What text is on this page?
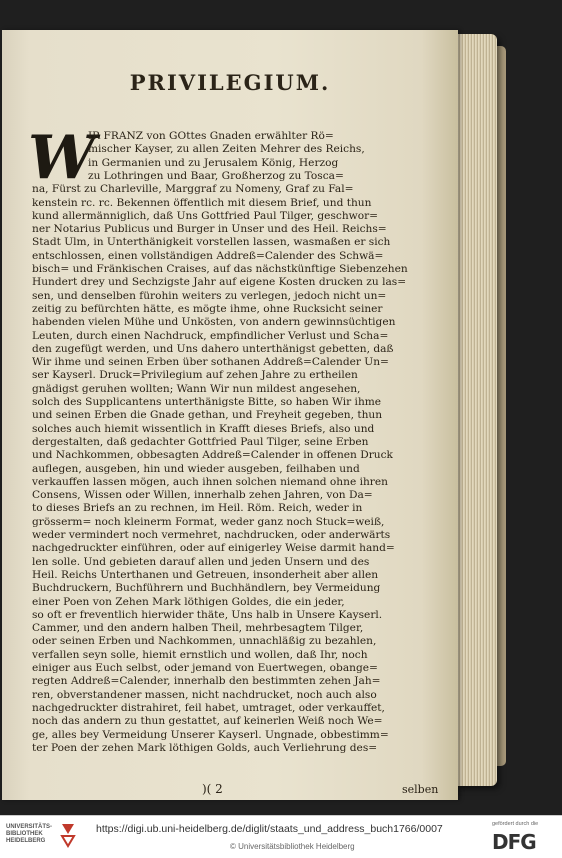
PRIVILEGIUM.
W
IR FRANZ von GOttes Gnaden erwählter Rö=
mischer Kayser, zu allen Zeiten Mehrer des Reichs,
in Germanien und zu Jerusalem König, Herzog
zu Lothringen und Baar, Großherzog zu Tosca=
na, Fürst zu Charleville, Marggraf zu Nomeny, Graf zu Fal=
kenstein rc. rc. Bekennen öffentlich mit diesem Brief, und thun
kund allermänniglich, daß Uns Gottfried Paul Tilger, geschwor=
ner Notarius Publicus und Burger in Unser und des Heil. Reichs=
Stadt Ulm, in Unterthänigkeit vorstellen lassen, wasmaßen er sich
entschlossen, einen vollständigen Addreß=Calender des Schwä=
bisch= und Fränkischen Craises, auf das nächstkünftige Siebenzehen
Hundert drey und Sechzigste Jahr auf eigene Kosten drucken zu las=
sen, und denselben fürohin weiters zu verlegen, jedoch nicht un=
zeitig zu befürchten hätte, es mögte ihme, ohne Rucksicht seiner
habenden vielen Mühe und Unkösten, von andern gewinnsüchtigen
Leuten, durch einen Nachdruck, empfindlicher Verlust und Scha=
den zugefügt werden, und Uns dahero unterthänigst gebetten, daß
Wir ihme und seinen Erben über sothanen Addreß=Calender Un=
ser Kayserl. Druck=Privilegium auf zehen Jahre zu ertheilen
gnädigst geruhen wollten; Wann Wir nun mildest angesehen,
solch des Supplicantens unterthänigste Bitte, so haben Wir ihme
und seinen Erben die Gnade gethan, und Freyheit gegeben, thun
solches auch hiemit wissentlich in Krafft dieses Briefs, also und
dergestalten, daß gedachter Gottfried Paul Tilger, seine Erben
und Nachkommen, obbesagten Addreß=Calender in offenen Druck
auflegen, ausgeben, hin und wieder ausgeben, feilhaben und
verkauffen lassen mögen, auch ihnen solchen niemand ohne ihren
Consens, Wissen oder Willen, innerhalb zehen Jahren, von Da=
to dieses Briefs an zu rechnen, im Heil. Röm. Reich, weder in
grösserm= noch kleinerm Format, weder ganz noch Stuck=weiß,
weder vermindert noch vermehret, nachdrucken, oder anderwärts
nachgedruckter einführen, oder auf einigerley Weise darmit hand=
len solle. Und gebieten darauf allen und jeden Unsern und des
Heil. Reichs Unterthanen und Getreuen, insonderheit aber allen
Buchdruckern, Buchführern und Buchhändlern, bey Vermeidung
einer Poen von Zehen Mark löthigen Goldes, die ein jeder,
so oft er freventlich hierwider thäte, Uns halb in Unsere Kayserl.
Cammer, und den andern halben Theil, mehrbesagtem Tilger,
oder seinen Erben und Nachkommen, unnachläßig zu bezahlen,
verfallen seyn solle, hiemit ernstlich und wollen, daß Ihr, noch
einiger aus Euch selbst, oder jemand von Euertwegen, obange=
regten Addreß=Calender, innerhalb den bestimmten zehen Jah=
ren, obverstandener massen, nicht nachdrucket, noch auch also
nachgedruckter distrahiret, feil habet, umtraget, oder verkauffet,
noch das andern zu thun gestattet, auf keinerlen Weiß noch We=
ge, alles bey Vermeidung Unserer Kayserl. Ungnade, obbestimm=
ter Poen der zehen Mark löthigen Golds, auch Verliehrung des=
)( 2	selben
UNIVERSITÄTS-
BIBLIOTHEK
HEIDELBERG
https://digi.ub.uni-heidelberg.de/diglit/staats_und_address_buch1766/0007
© Universitätsbibliothek Heidelberg
gefördert durch die
DFG
